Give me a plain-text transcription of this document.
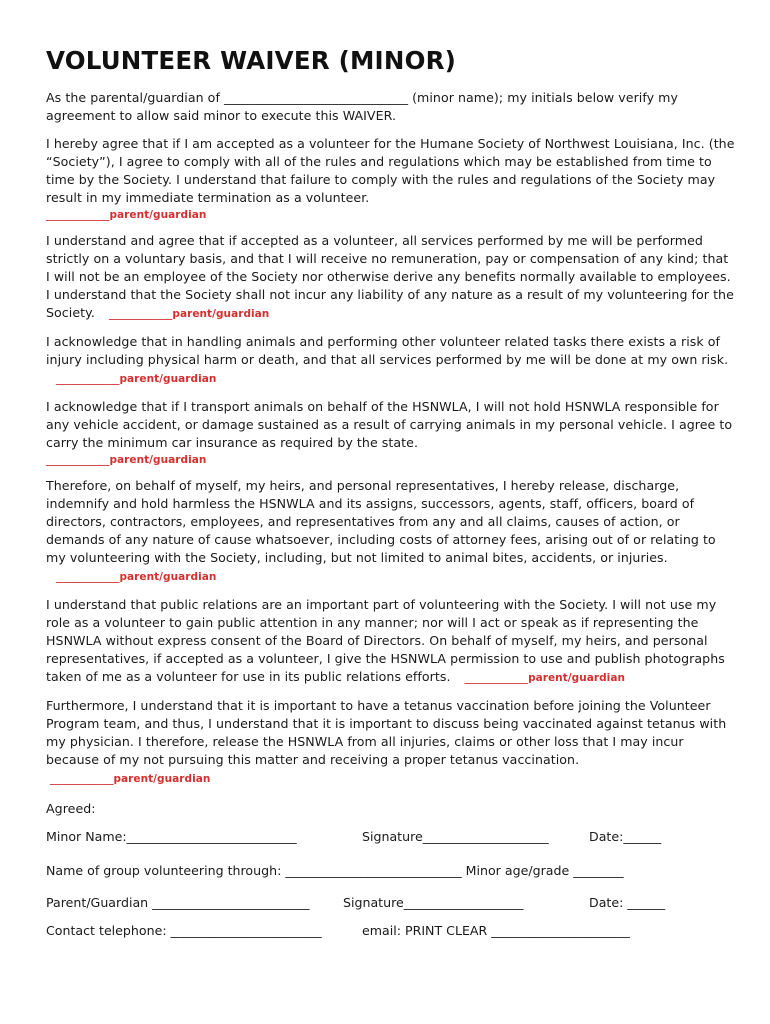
VOLUNTEER WAIVER (MINOR)

As the parental/guardian of _____________________________ (minor name); my initials below verify my agreement to allow said minor to execute this WAIVER.

I hereby agree that if I am accepted as a volunteer for the Humane Society of Northwest Louisiana, Inc. (the “Society”), I agree to comply with all of the rules and regulations which may be established from time to time by the Society. I understand that failure to comply with the rules and regulations of the Society may result in my immediate termination as a volunteer.
__________parent/guardian

I understand and agree that if accepted as a volunteer, all services performed by me will be performed strictly on a voluntary basis, and that I will receive no remuneration, pay or compensation of any kind; that I will not be an employee of the Society nor otherwise derive any benefits normally available to employees. I understand that the Society shall not incur any liability of any nature as a result of my volunteering for the Society. __________parent/guardian

I acknowledge that in handling animals and performing other volunteer related tasks there exists a risk of injury including physical harm or death, and that all services performed by me will be done at my own risk. __________parent/guardian

I acknowledge that if I transport animals on behalf of the HSNWLA, I will not hold HSNWLA responsible for any vehicle accident, or damage sustained as a result of carrying animals in my personal vehicle. I agree to carry the minimum car insurance as required by the state.
__________parent/guardian

Therefore, on behalf of myself, my heirs, and personal representatives, I hereby release, discharge, indemnify and hold harmless the HSNWLA and its assigns, successors, agents, staff, officers, board of directors, contractors, employees, and representatives from any and all claims, causes of action, or demands of any nature of cause whatsoever, including costs of attorney fees, arising out of or relating to my volunteering with the Society, including, but not limited to animal bites, accidents, or injuries. __________parent/guardian

I understand that public relations are an important part of volunteering with the Society. I will not use my role as a volunteer to gain public attention in any manner; nor will I act or speak as if representing the HSNWLA without express consent of the Board of Directors. On behalf of myself, my heirs, and personal representatives, if accepted as a volunteer, I give the HSNWLA permission to use and publish photographs taken of me as a volunteer for use in its public relations efforts. __________parent/guardian

Furthermore, I understand that it is important to have a tetanus vaccination before joining the Volunteer Program team, and thus, I understand that it is important to discuss being vaccinated against tetanus with my physician. I therefore, release the HSNWLA from all injuries, claims or other loss that I may incur because of my not pursuing this matter and receiving a proper tetanus vaccination. __________parent/guardian

Agreed:

Minor Name:___________________________	Signature____________________	Date:______
Name of group volunteering through: ____________________________ Minor age/grade ________
Parent/Guardian _________________________	Signature___________________	Date: ______
Contact telephone: ________________________	email: PRINT CLEAR ______________________
